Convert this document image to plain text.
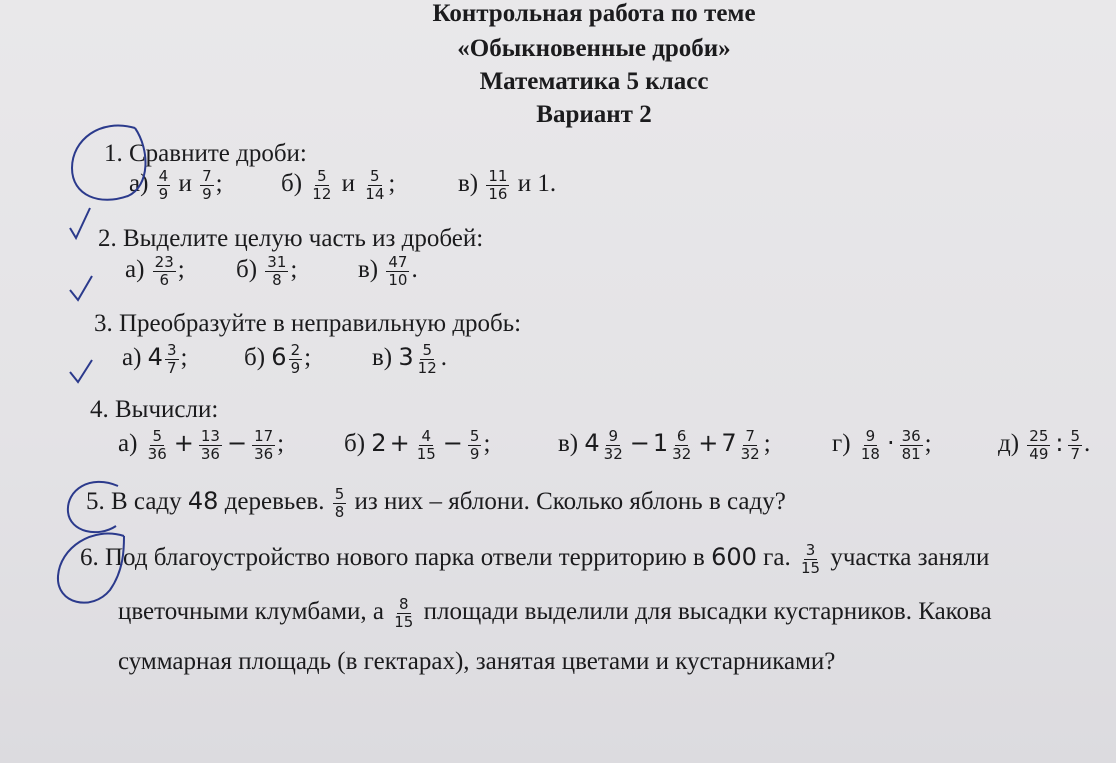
Контрольная работа по теме
«Обыкновенные дроби»
Математика 5 класс
Вариант 2
1. Сравните дроби:
$а) \frac{4}{9}$ и $\frac{7}{9}$ ; $б) \frac{5}{12}$ и $\frac{5}{14}$ ;	$в) \frac{11}{16}$ и 1.
2. Выделите целую часть из дробей:
$а) \frac{23}{6}$ ; $б) \frac{31}{8}$ ; $в) \frac{47}{10}$ .
3. Преобразуйте в неправильную дробь:
а) $4 \frac{3}{7}$ ; б) $6 \frac{2}{9}$ ; в) $3 \frac{5}{12}$ .
4. Вычисли:
$а) \frac{5}{36} + \frac{13}{36} - \frac{17}{36}$ ; б) $2 + \frac{4}{15} - \frac{5}{9}$ ;	в) $4 \frac{9}{32} - 1 \frac{6}{32} + 7 \frac{7}{32}$ ; $г) \frac{9}{18} \cdot \frac{36}{81}$ ;	$д) \frac{25}{49}$ : $\frac{5}{7}$ .
5. В саду 48 деревьев. $\frac{5}{8}$ из них – яблони. Сколько яблонь в саду?
6. Под благоустройство нового парка отвели территорию в 600 га. $\frac{3}{15}$ участка заняли
цветочными клумбами, а $\frac{8}{15}$ площади выделили для высадки кустарников. Какова
суммарная площадь (в гектарах), занятая цветами и кустарниками?
